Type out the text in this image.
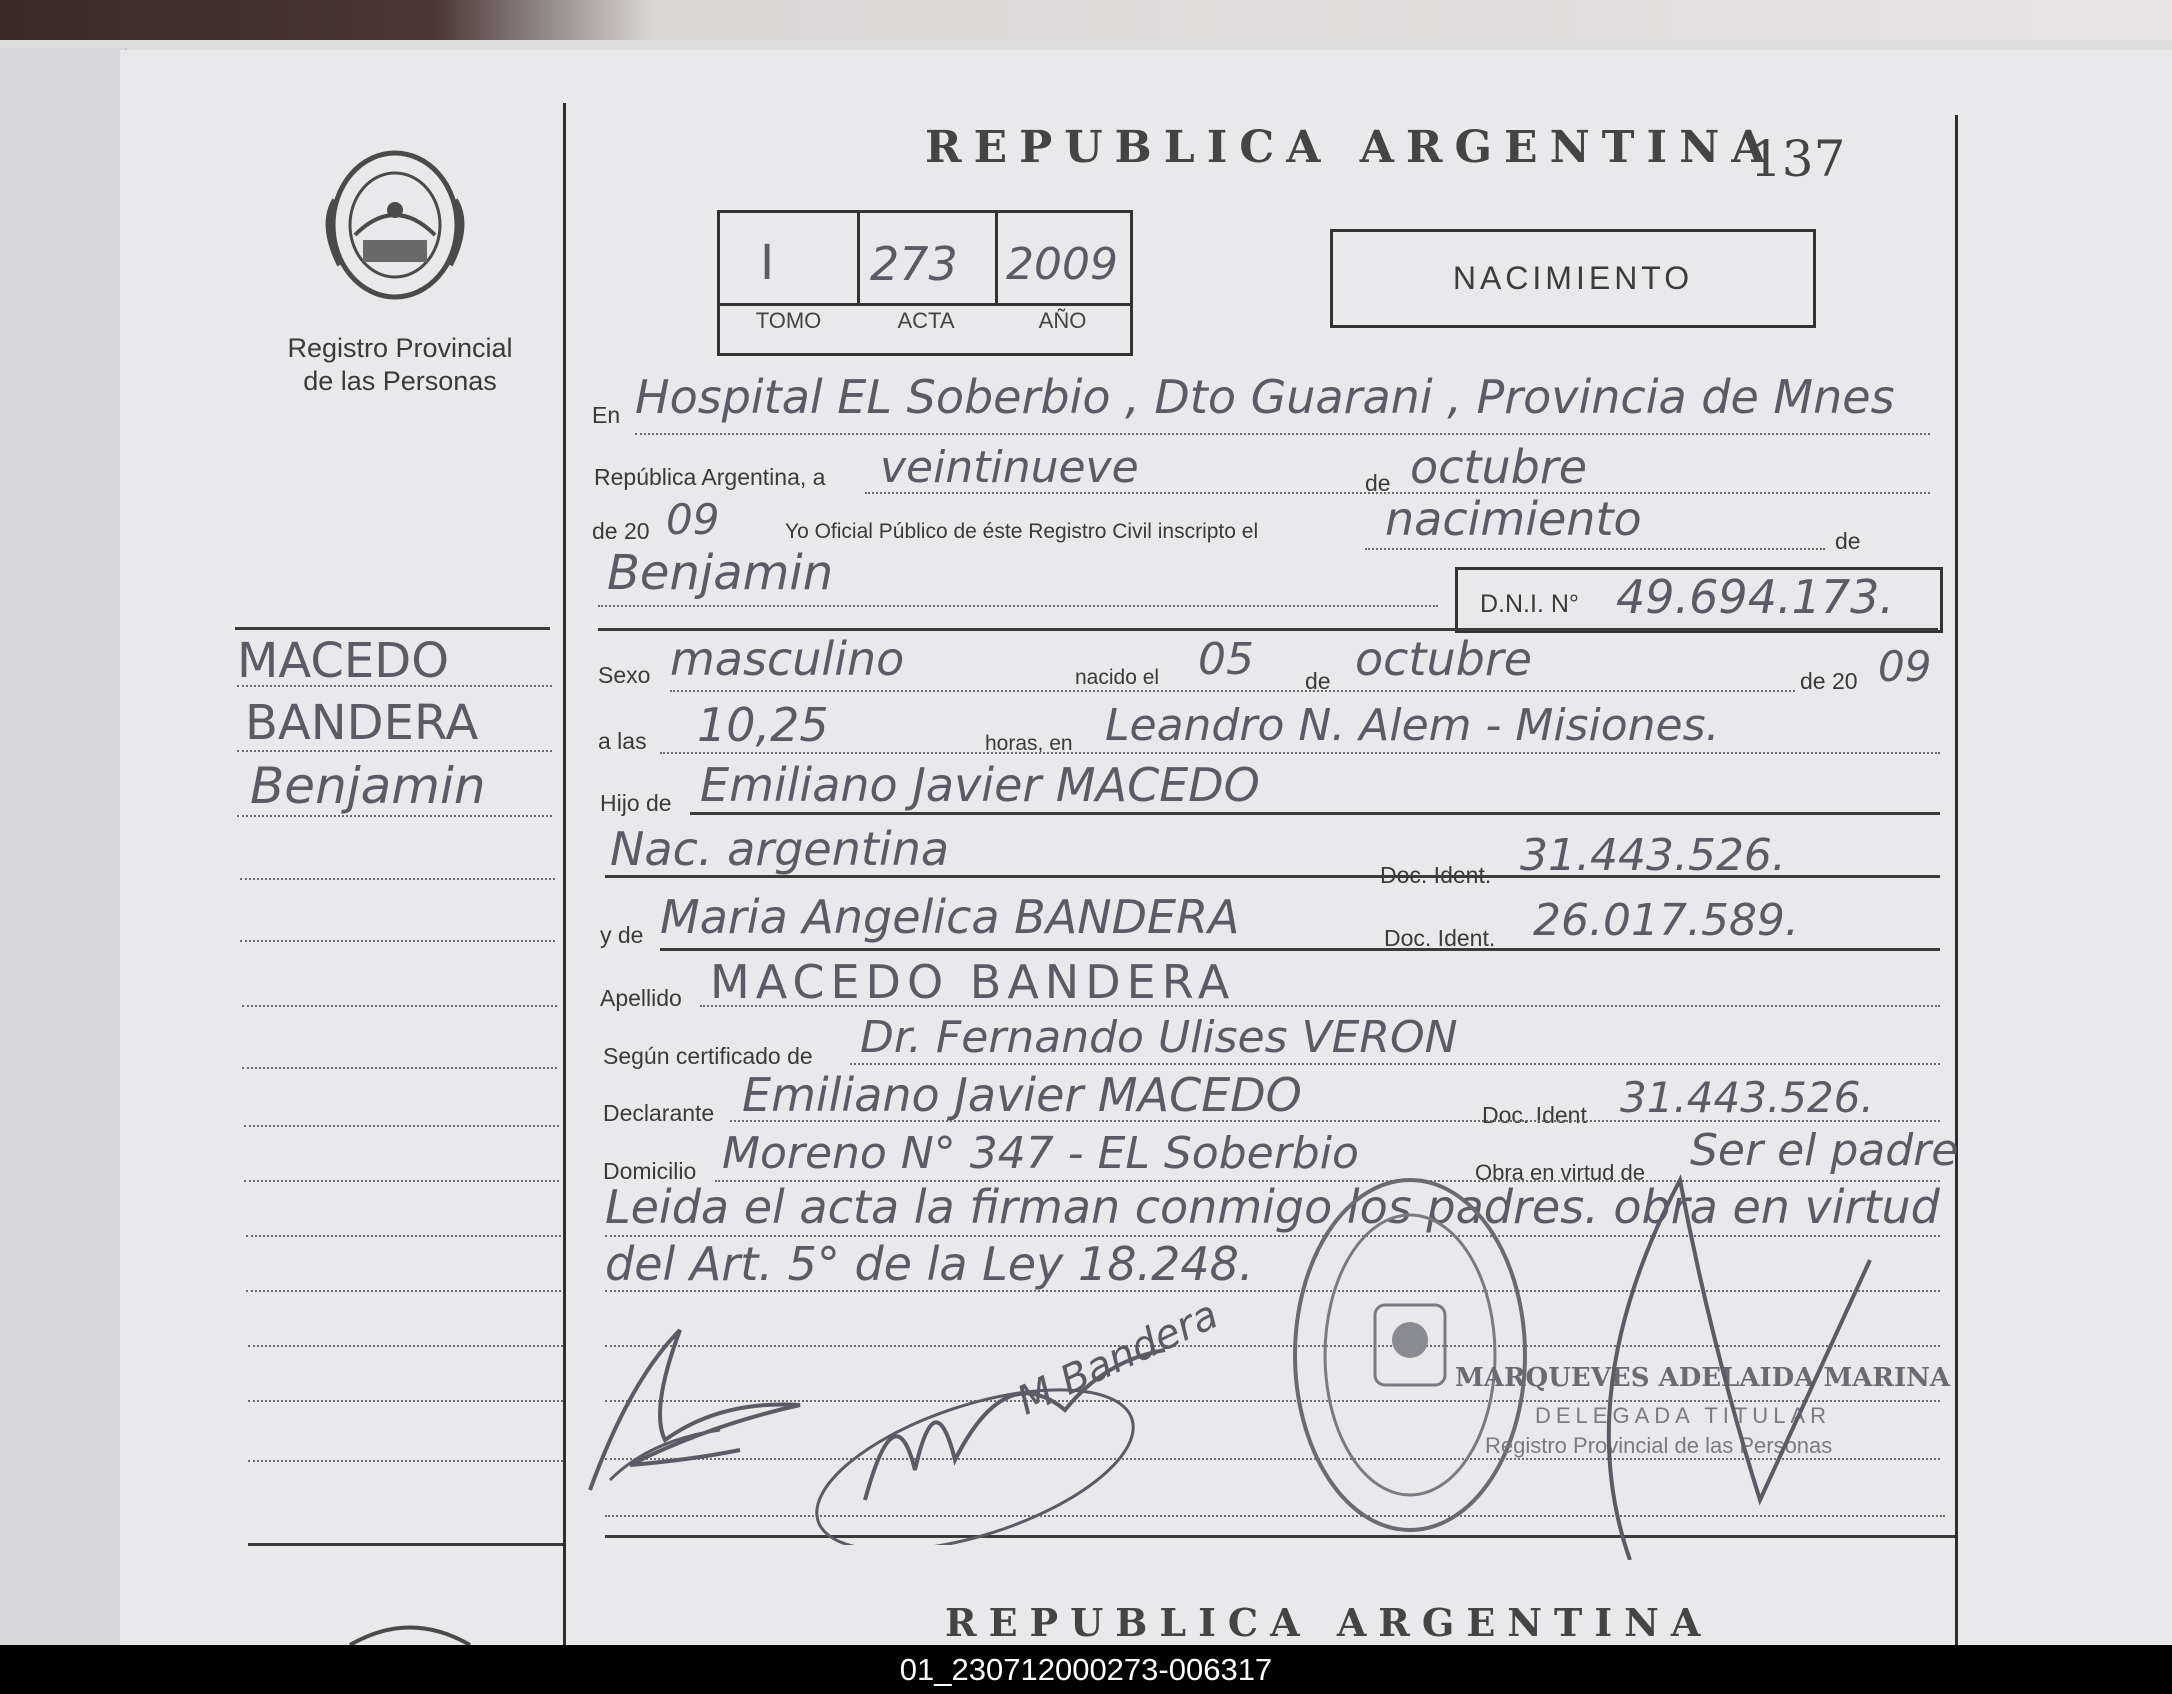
Registro Provincial
de las Personas
REPUBLICA ARGENTINA
137
I 273 2009
TOMO	ACTA	AÑO
NACIMIENTO
MACEDO
BANDERA
Benjamin
En Hospital EL Soberbio , Dto Guarani , Provincia de Mnes
República Argentina, a veintinueve	de octubre
de 20 09	Yo Oficial Público de éste Registro Civil inscripto el	nacimiento	de
Benjamin
D.N.I. N° 49.694.173.
Sexo masculino	nacido el 05 de octubre	de 20 09
a las 10,25	horas, en Leandro N. Alem - Misiones.
Hijo de Emiliano Javier MACEDO
Nac. argentina	Doc. Ident. 31.443.526.
y de Maria Angelica BANDERA	Doc. Ident. 26.017.589.
Apellido MACEDO BANDERA
Según certificado de Dr. Fernando Ulises VERON
Declarante Emiliano Javier MACEDO	Doc. Ident 31.443.526.
Domicilio Moreno N° 347 - EL Soberbio	Obra en virtud de Ser el padre
Leida el acta la firman conmigo los padres. obra en virtud
del Art. 5° de la Ley 18.248.
MARQUEVES ADELAIDA MARINA
DELEGADA TITULAR
Registro Provincial de las Personas
M Bandera
REPUBLICA ARGENTINA
01_230712000273-006317
